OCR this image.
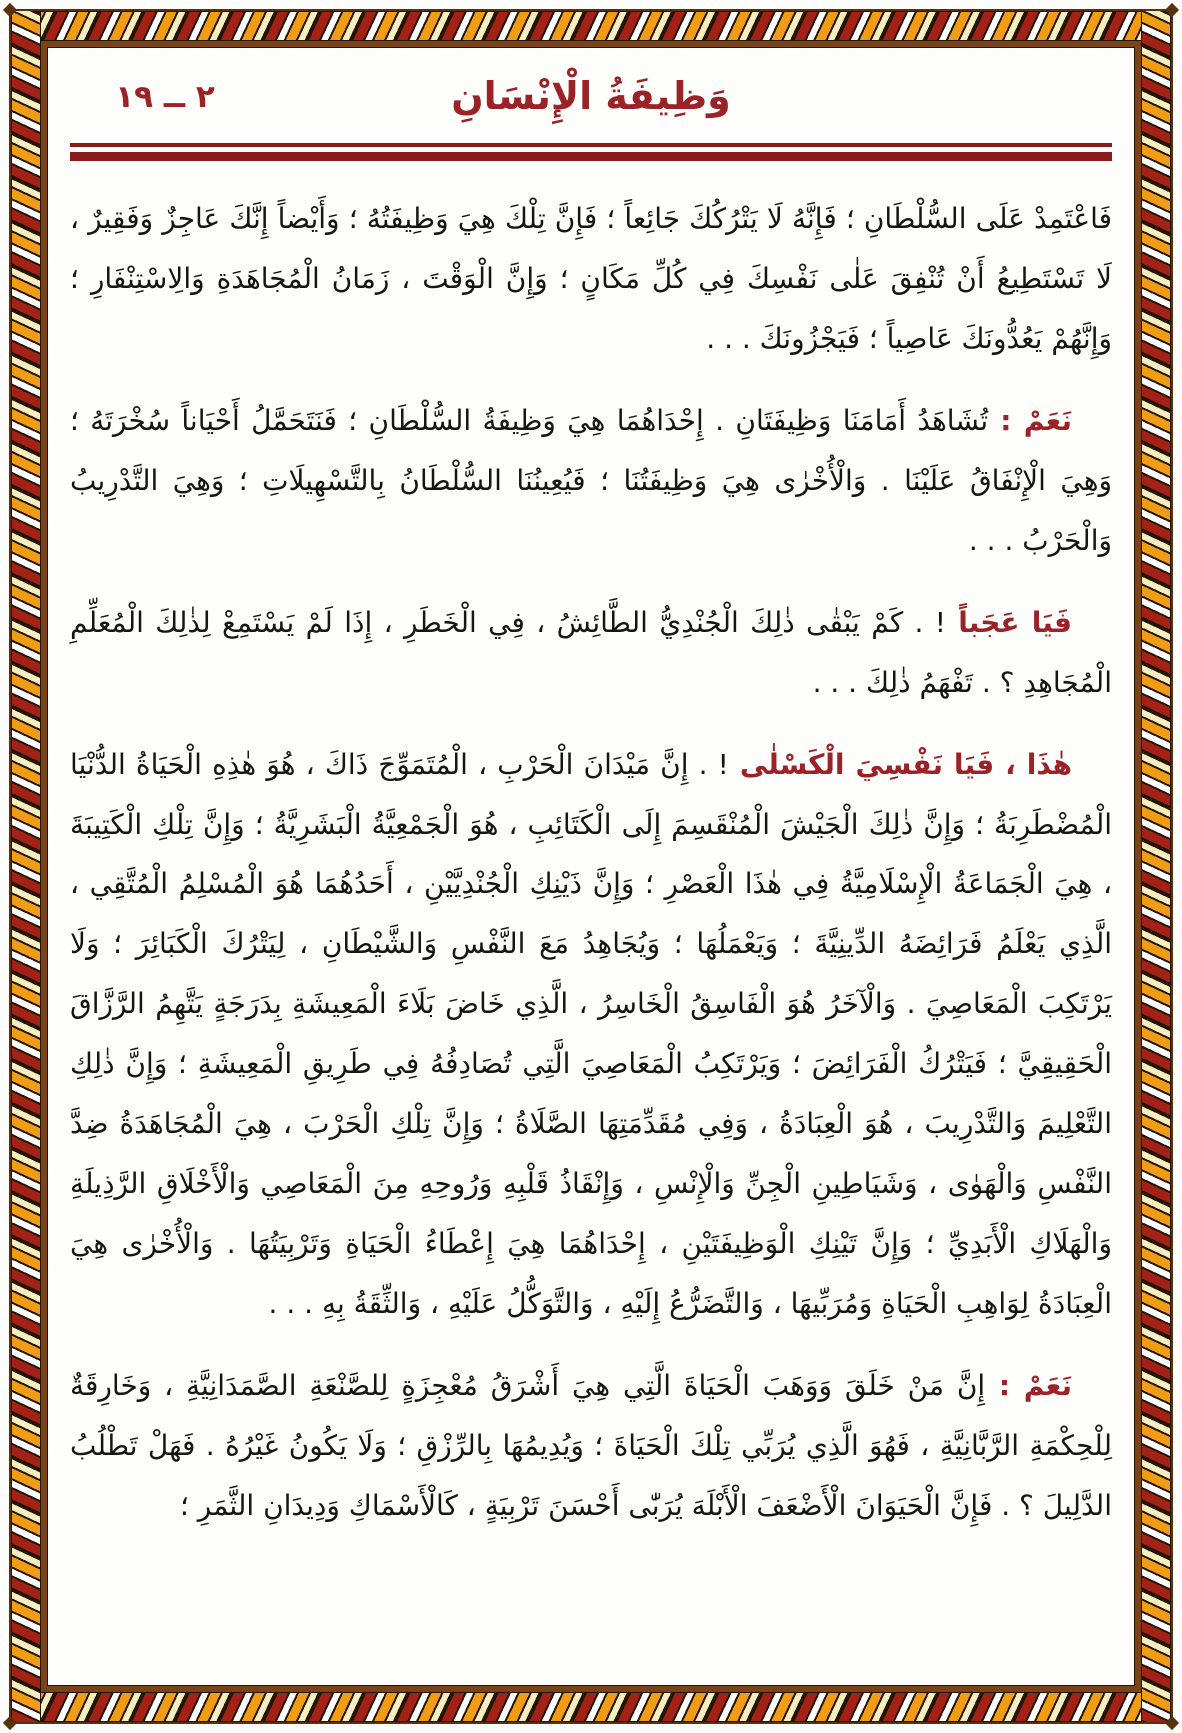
وَظِيفَةُ الْإِنْسَانِ
٢ ــ ١٩

فَاعْتَمِدْ عَلَى السُّلْطَانِ ؛ فَإِنَّهُ لَا يَتْرُكُكَ جَائِعاً ؛ فَإِنَّ تِلْكَ هِيَ وَظِيفَتُهُ ؛ وَأَيْضاً إِنَّكَ عَاجِزٌ وَفَقِيرٌ ، لَا تَسْتَطِيعُ أَنْ تُنْفِقَ عَلٰى نَفْسِكَ فِي كُلِّ مَكَانٍ ؛ وَإِنَّ الْوَقْتَ ، زَمَانُ الْمُجَاهَدَةِ وَالِاسْتِنْفَارِ ؛ وَإِنَّهُمْ يَعُدُّونَكَ عَاصِياً ؛ فَيَجْزُونَكَ . . .

نَعَمْ : تُشَاهَدُ أَمَامَنَا وَظِيفَتَانِ . إِحْدَاهُمَا هِيَ وَظِيفَةُ السُّلْطَانِ ؛ فَنَتَحَمَّلُ أَحْيَاناً سُخْرَتَهُ ؛ وَهِيَ الْإِنْفَاقُ عَلَيْنَا . وَالْأُخْرٰى هِيَ وَظِيفَتُنَا ؛ فَيُعِينُنَا السُّلْطَانُ بِالتَّسْهِيلَاتِ ؛ وَهِيَ التَّدْرِيبُ وَالْحَرْبُ . . .

فَيَا عَجَباً ! . كَمْ يَبْقٰى ذٰلِكَ الْجُنْدِيُّ الطَّائِشُ ، فِي الْخَطَرِ ، إِذَا لَمْ يَسْتَمِعْ لِذٰلِكَ الْمُعَلِّمِ الْمُجَاهِدِ ؟ . تَفْهَمُ ذٰلِكَ . . .

هٰذَا ، فَيَا نَفْسِيَ الْكَسْلٰى ! . إِنَّ مَيْدَانَ الْحَرْبِ ، الْمُتَمَوِّجَ ذَاكَ ، هُوَ هٰذِهِ الْحَيَاةُ الدُّنْيَا الْمُضْطَرِبَةُ ؛ وَإِنَّ ذٰلِكَ الْجَيْشَ الْمُنْقَسِمَ إِلَى الْكَتَائِبِ ، هُوَ الْجَمْعِيَّةُ الْبَشَرِيَّةُ ؛ وَإِنَّ تِلْكِ الْكَتِيبَةَ ، هِيَ الْجَمَاعَةُ الْإِسْلَامِيَّةُ فِي هٰذَا الْعَصْرِ ؛ وَإِنَّ ذَيْنِكِ الْجُنْدِيَّيْنِ ، أَحَدُهُمَا هُوَ الْمُسْلِمُ الْمُتَّقِي ، الَّذِي يَعْلَمُ فَرَائِضَهُ الدِّينِيَّةَ ؛ وَيَعْمَلُهَا ؛ وَيُجَاهِدُ مَعَ النَّفْسِ وَالشَّيْطَانِ ، لِيَتْرُكَ الْكَبَائِرَ ؛ وَلَا يَرْتَكِبَ الْمَعَاصِيَ . وَالْآخَرُ هُوَ الْفَاسِقُ الْخَاسِرُ ، الَّذِي خَاضَ بَلَاءَ الْمَعِيشَةِ بِدَرَجَةٍ يَتَّهِمُ الرَّزَّاقَ الْحَقِيقِيَّ ؛ فَيَتْرُكُ الْفَرَائِضَ ؛ وَيَرْتَكِبُ الْمَعَاصِيَ الَّتِي تُصَادِفُهُ فِي طَرِيقِ الْمَعِيشَةِ ؛ وَإِنَّ ذٰلِكِ التَّعْلِيمَ وَالتَّدْرِيبَ ، هُوَ الْعِبَادَةُ ، وَفِي مُقَدِّمَتِهَا الصَّلَاةُ ؛ وَإِنَّ تِلْكِ الْحَرْبَ ، هِيَ الْمُجَاهَدَةُ ضِدَّ النَّفْسِ وَالْهَوٰى ، وَشَيَاطِينِ الْجِنِّ وَالْإِنْسِ ، وَإِنْقَاذُ قَلْبِهِ وَرُوحِهِ مِنَ الْمَعَاصِي وَالْأَخْلَاقِ الرَّذِيلَةِ وَالْهَلَاكِ الْأَبَدِيِّ ؛ وَإِنَّ تَيْنِكِ الْوَظِيفَتَيْنِ ، إِحْدَاهُمَا هِيَ إِعْطَاءُ الْحَيَاةِ وَتَرْبِيَتُهَا . وَالْأُخْرٰى هِيَ الْعِبَادَةُ لِوَاهِبِ الْحَيَاةِ وَمُرَبِّيهَا ، وَالتَّضَرُّعُ إِلَيْهِ ، وَالتَّوَكُّلُ عَلَيْهِ ، وَالثِّقَةُ بِهِ . . .

نَعَمْ : إِنَّ مَنْ خَلَقَ وَوَهَبَ الْحَيَاةَ الَّتِي هِيَ أَشْرَقُ مُعْجِزَةٍ لِلصَّنْعَةِ الصَّمَدَانِيَّةِ ، وَخَارِقَةٌ لِلْحِكْمَةِ الرَّبَّانِيَّةِ ، فَهُوَ الَّذِي يُرَبِّي تِلْكَ الْحَيَاةَ ؛ وَيُدِيمُهَا بِالرِّزْقِ ؛ وَلَا يَكُونُ غَيْرُهُ . فَهَلْ تَطْلُبُ الدَّلِيلَ ؟ . فَإِنَّ الْحَيَوَانَ الْأَضْعَفَ الْأَبْلَهَ يُرَبّٰى أَحْسَنَ تَرْبِيَةٍ ، كَالْأَسْمَاكِ وَدِيدَانِ الثَّمَرِ ؛
